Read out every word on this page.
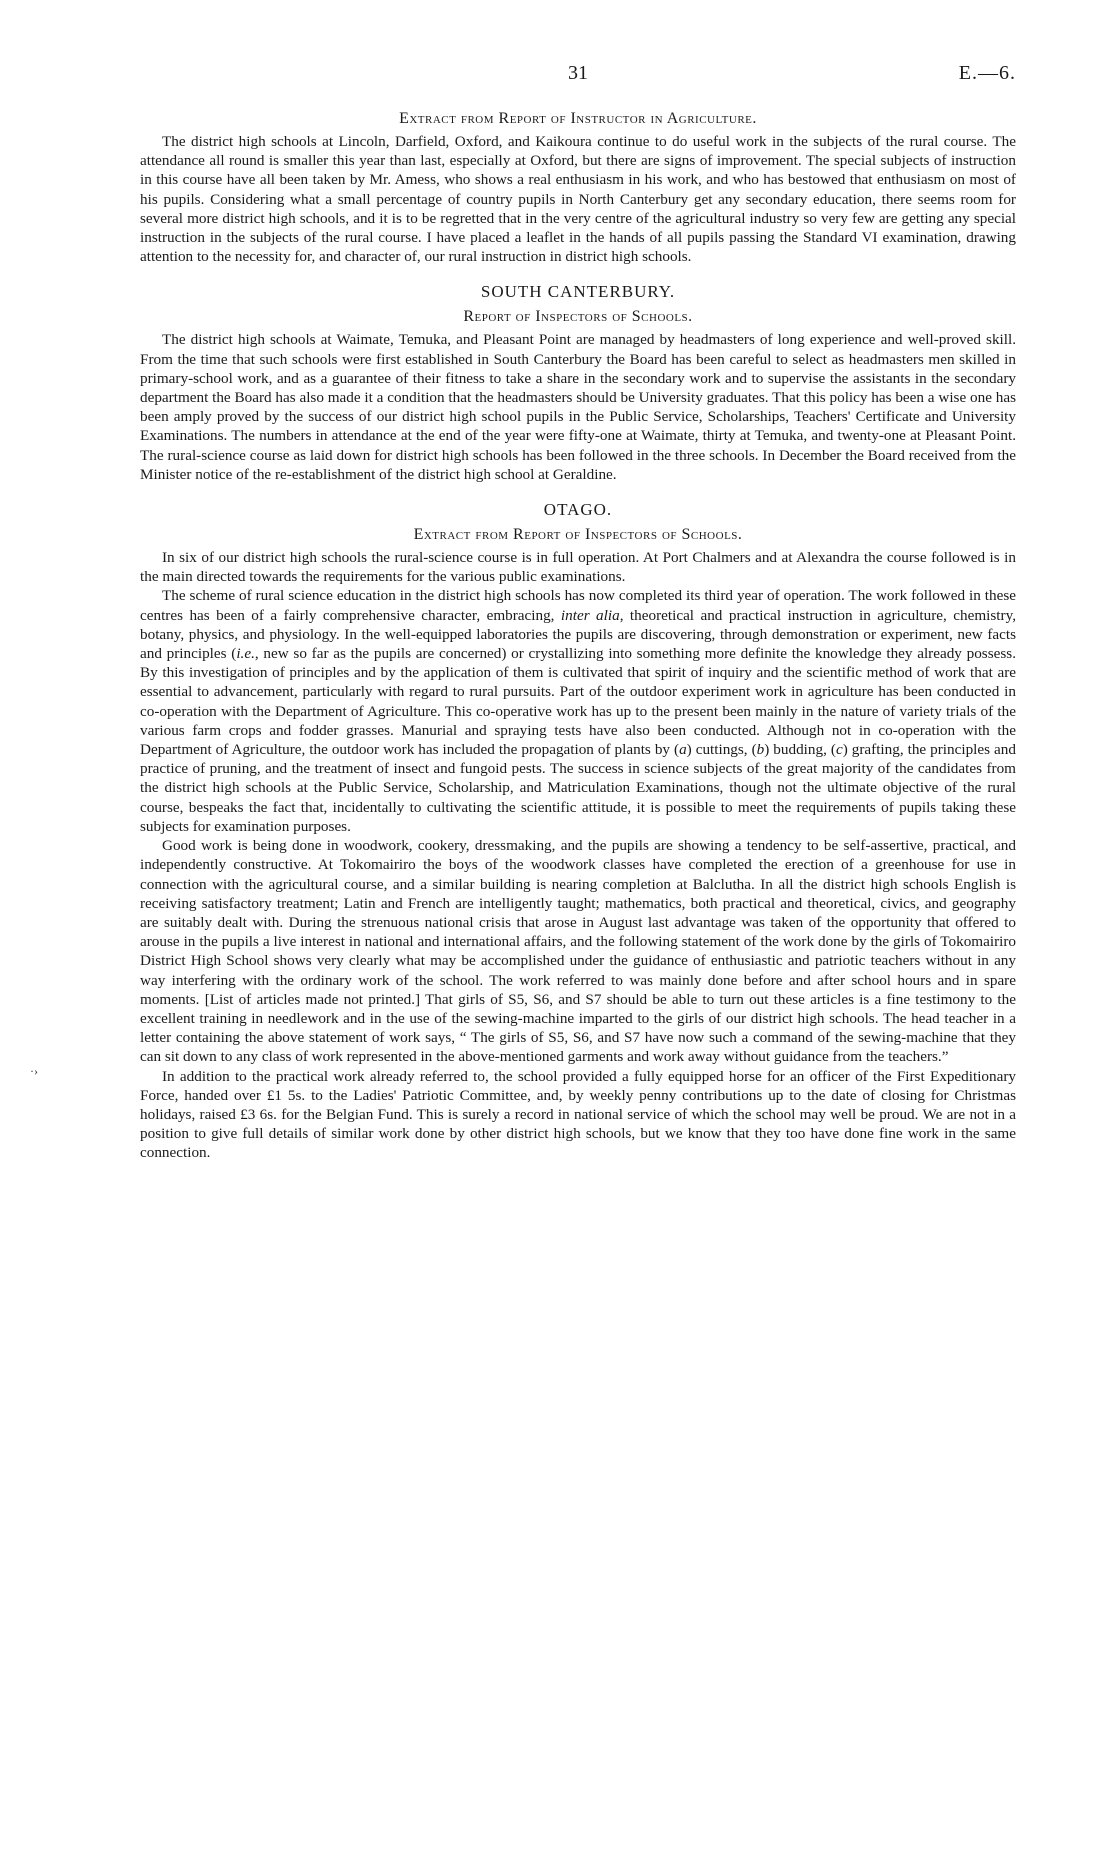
31	E.—6.
Extract from Report of Instructor in Agriculture.

The district high schools at Lincoln, Darfield, Oxford, and Kaikoura continue to do useful work in the subjects of the rural course. The attendance all round is smaller this year than last, especially at Oxford, but there are signs of improvement. The special subjects of instruction in this course have all been taken by Mr. Amess, who shows a real enthusiasm in his work, and who has bestowed that enthusiasm on most of his pupils. Considering what a small percentage of country pupils in North Canterbury get any secondary education, there seems room for several more district high schools, and it is to be regretted that in the very centre of the agricultural industry so very few are getting any special instruction in the subjects of the rural course. I have placed a leaflet in the hands of all pupils passing the Standard VI examination, drawing attention to the necessity for, and character of, our rural instruction in district high schools.

SOUTH CANTERBURY.
Report of Inspectors of Schools.

The district high schools at Waimate, Temuka, and Pleasant Point are managed by headmasters of long experience and well-proved skill. From the time that such schools were first established in South Canterbury the Board has been careful to select as headmasters men skilled in primary-school work, and as a guarantee of their fitness to take a share in the secondary work and to supervise the assistants in the secondary department the Board has also made it a condition that the headmasters should be University graduates. That this policy has been a wise one has been amply proved by the success of our district high school pupils in the Public Service, Scholarships, Teachers' Certificate and University Examinations. The numbers in attendance at the end of the year were fifty-one at Waimate, thirty at Temuka, and twenty-one at Pleasant Point. The rural-science course as laid down for district high schools has been followed in the three schools. In December the Board received from the Minister notice of the re-establishment of the district high school at Geraldine.

OTAGO.
Extract from Report of Inspectors of Schools.

In six of our district high schools the rural-science course is in full operation. At Port Chalmers and at Alexandra the course followed is in the main directed towards the requirements for the various public examinations.

The scheme of rural science education in the district high schools has now completed its third year of operation. The work followed in these centres has been of a fairly comprehensive character, embracing, inter alia, theoretical and practical instruction in agriculture, chemistry, botany, physics, and physiology. In the well-equipped laboratories the pupils are discovering, through demonstration or experiment, new facts and principles (i.e., new so far as the pupils are concerned) or crystallizing into something more definite the knowledge they already possess. By this investigation of principles and by the application of them is cultivated that spirit of inquiry and the scientific method of work that are essential to advancement, particularly with regard to rural pursuits. Part of the outdoor experiment work in agriculture has been conducted in co-operation with the Department of Agriculture. This co-operative work has up to the present been mainly in the nature of variety trials of the various farm crops and fodder grasses. Manurial and spraying tests have also been conducted. Although not in co-operation with the Department of Agriculture, the outdoor work has included the propagation of plants by (a) cuttings, (b) budding, (c) grafting, the principles and practice of pruning, and the treatment of insect and fungoid pests. The success in science subjects of the great majority of the candidates from the district high schools at the Public Service, Scholarship, and Matriculation Examinations, though not the ultimate objective of the rural course, bespeaks the fact that, incidentally to cultivating the scientific attitude, it is possible to meet the requirements of pupils taking these subjects for examination purposes.

Good work is being done in woodwork, cookery, dressmaking, and the pupils are showing a tendency to be self-assertive, practical, and independently constructive. At Tokomairiro the boys of the woodwork classes have completed the erection of a greenhouse for use in connection with the agricultural course, and a similar building is nearing completion at Balclutha. In all the district high schools English is receiving satisfactory treatment; Latin and French are intelligently taught; mathematics, both practical and theoretical, civics, and geography are suitably dealt with. During the strenuous national crisis that arose in August last advantage was taken of the opportunity that offered to arouse in the pupils a live interest in national and international affairs, and the following statement of the work done by the girls of Tokomairiro District High School shows very clearly what may be accomplished under the guidance of enthusiastic and patriotic teachers without in any way interfering with the ordinary work of the school. The work referred to was mainly done before and after school hours and in spare moments. [List of articles made not printed.] That girls of S5, S6, and S7 should be able to turn out these articles is a fine testimony to the excellent training in needlework and in the use of the sewing-machine imparted to the girls of our district high schools. The head teacher in a letter containing the above statement of work says, “ The girls of S5, S6, and S7 have now such a command of the sewing-machine that they can sit down to any class of work represented in the above-mentioned garments and work away without guidance from the teachers.”

In addition to the practical work already referred to, the school provided a fully equipped horse for an officer of the First Expeditionary Force, handed over £1 5s. to the Ladies' Patriotic Committee, and, by weekly penny contributions up to the date of closing for Christmas holidays, raised £3 6s. for the Belgian Fund. This is surely a record in national service of which the school may well be proud. We are not in a position to give full details of similar work done by other district high schools, but we know that they too have done fine work in the same connection.

·›
